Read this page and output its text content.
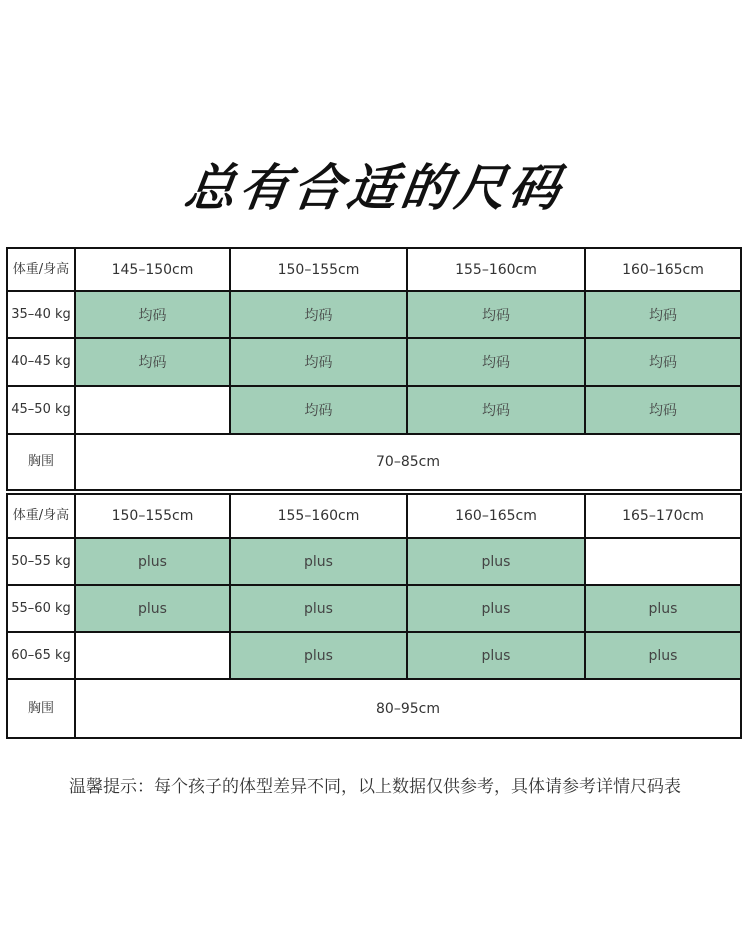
总有合适的尺码
体重/身高	145–150cm	150–155cm	155–160cm	160–165cm
35–40 kg	均码	均码	均码	均码
40–45 kg	均码	均码	均码	均码
45–50 kg		均码	均码	均码
胸围	70–85cm			
体重/身高	150–155cm	155–160cm	160–165cm	165–170cm
50–55 kg	plus	plus	plus	
55–60 kg	plus	plus	plus	plus
60–65 kg		plus	plus	plus
胸围	80–95cm			
温馨提示：每个孩子的体型差异不同，以上数据仅供参考，具体请参考详情尺码表
